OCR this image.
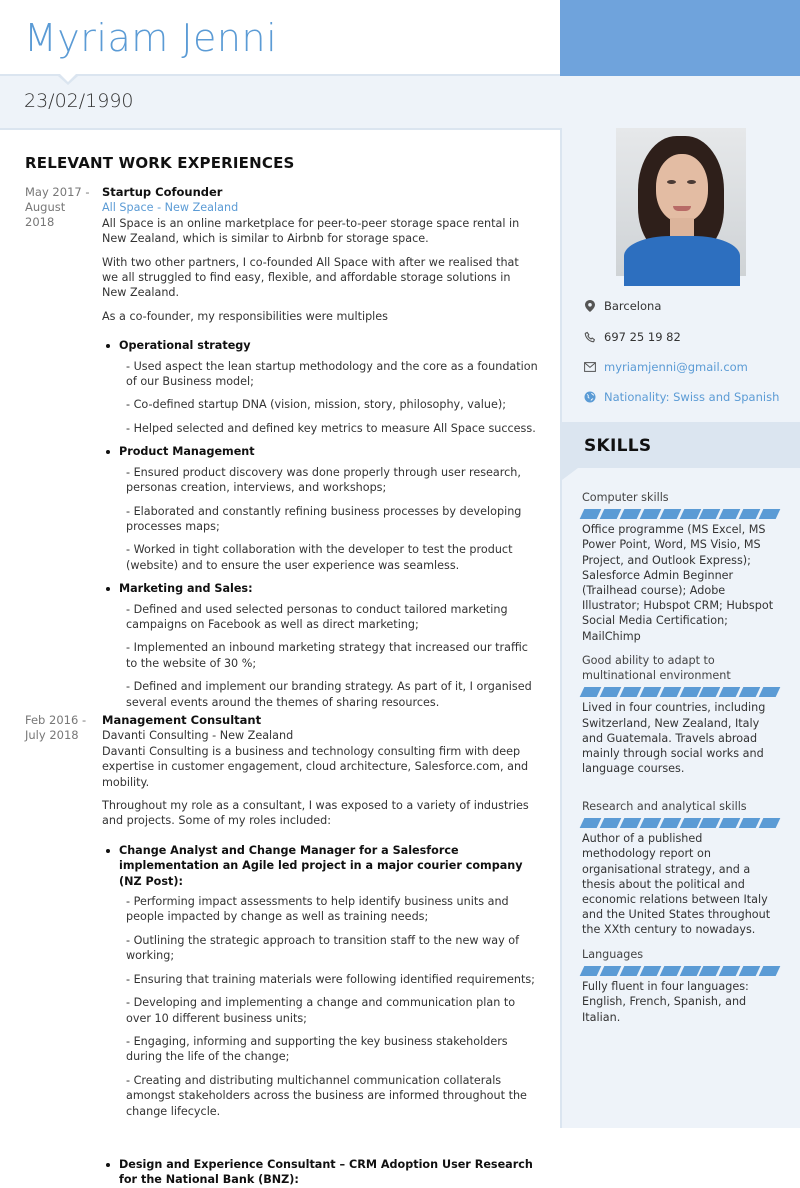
Myriam Jenni
23/02/1990
RELEVANT WORK EXPERIENCES
May 2017 -
August 2018
Startup Cofounder
All Space - New Zealand
All Space is an online marketplace for peer-to-peer storage space rental in New Zealand, which is similar to Airbnb for storage space.
With two other partners, I co-founded All Space with after we realised that we all struggled to find easy, flexible, and affordable storage solutions in New Zealand.
As a co-founder, my responsibilities were multiples
Operational strategy
- Used aspect the lean startup methodology and the core as a foundation of our Business model;
- Co-defined startup DNA (vision, mission, story, philosophy, value);
- Helped selected and defined key metrics to measure All Space success.
Product Management
- Ensured product discovery was done properly through user research, personas creation, interviews, and workshops;
- Elaborated and constantly refining business processes by developing processes maps;
- Worked in tight collaboration with the developer to test the product (website) and to ensure the user experience was seamless.
Marketing and Sales:
- Defined and used selected personas to conduct tailored marketing campaigns on Facebook as well as direct marketing;
- Implemented an inbound marketing strategy that increased our traffic to the website of 30 %;
- Defined and implement our branding strategy. As part of it, I organised several events around the themes of sharing resources.
Feb 2016 -
July 2018
Management Consultant
Davanti Consulting - New Zealand
Davanti Consulting is a business and technology consulting firm with deep expertise in customer engagement, cloud architecture, Salesforce.com, and mobility.
Throughout my role as a consultant, I was exposed to a variety of industries and projects. Some of my roles included:
Change Analyst and Change Manager for a Salesforce implementation an Agile led project in a major courier company (NZ Post):
- Performing impact assessments to help identify business units and people impacted by change as well as training needs;
- Outlining the strategic approach to transition staff to the new way of working;
- Ensuring that training materials were following identified requirements;
- Developing and implementing a change and communication plan to over 10 different business units;
- Engaging, informing and supporting the key business stakeholders during the life of the change;
- Creating and distributing multichannel communication collaterals amongst stakeholders across the business are informed throughout the change lifecycle.
Design and Experience Consultant – CRM Adoption User Research for the National Bank (BNZ):
Barcelona
697 25 19 82
myriamjenni@gmail.com
Nationality: Swiss and Spanish
SKILLS
Computer skills
Office programme (MS Excel, MS Power Point, Word, MS Visio, MS Project, and Outlook Express); Salesforce Admin Beginner (Trailhead course); Adobe Illustrator; Hubspot CRM; Hubspot Social Media Certification; MailChimp
Good ability to adapt to multinational environment
Lived in four countries, including Switzerland, New Zealand, Italy and Guatemala. Travels abroad mainly through social works and language courses.
Research and analytical skills
Author of a published methodology report on organisational strategy, and a thesis about the political and economic relations between Italy and the United States throughout the XXth century to nowadays.
Languages
Fully fluent in four languages: English, French, Spanish, and Italian.
